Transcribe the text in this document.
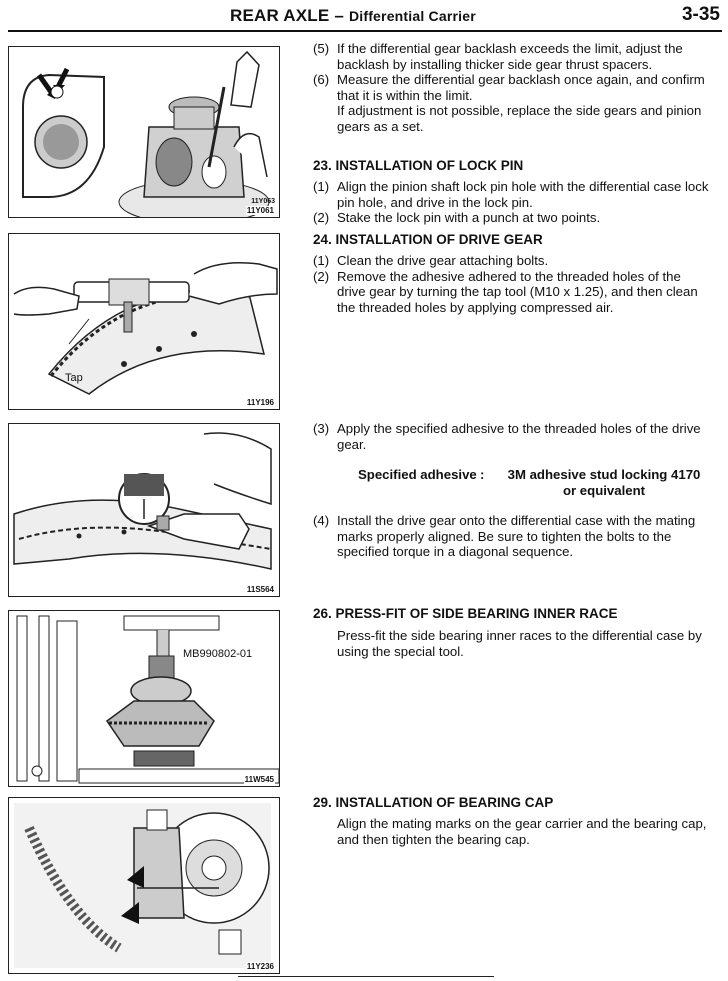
REAR AXLE – Differential Carrier	3-35
11Y063
11Y061
Tap
11Y196
11S564
MB990802-01
11W545
11Y236
(5) If the differential gear backlash exceeds the limit, adjust the backlash by installing thicker side gear thrust spacers.
(6) Measure the differential gear backlash once again, and confirm that it is within the limit.
If adjustment is not possible, replace the side gears and pinion gears as a set.
23. INSTALLATION OF LOCK PIN
(1) Align the pinion shaft lock pin hole with the differential case lock pin hole, and drive in the lock pin.
(2) Stake the lock pin with a punch at two points.
24. INSTALLATION OF DRIVE GEAR
(1) Clean the drive gear attaching bolts.
(2) Remove the adhesive adhered to the threaded holes of the drive gear by turning the tap tool (M10 x 1.25), and then clean the threaded holes by applying compressed air.
(3) Apply the specified adhesive to the threaded holes of the drive gear.
Specified adhesive :	3M adhesive stud locking 4170
or equivalent
(4) Install the drive gear onto the differential case with the mating marks properly aligned. Be sure to tighten the bolts to the specified torque in a diagonal sequence.
26. PRESS-FIT OF SIDE BEARING INNER RACE
Press-fit the side bearing inner races to the differential case by using the special tool.
29. INSTALLATION OF BEARING CAP
Align the mating marks on the gear carrier and the bearing cap, and then tighten the bearing cap.
